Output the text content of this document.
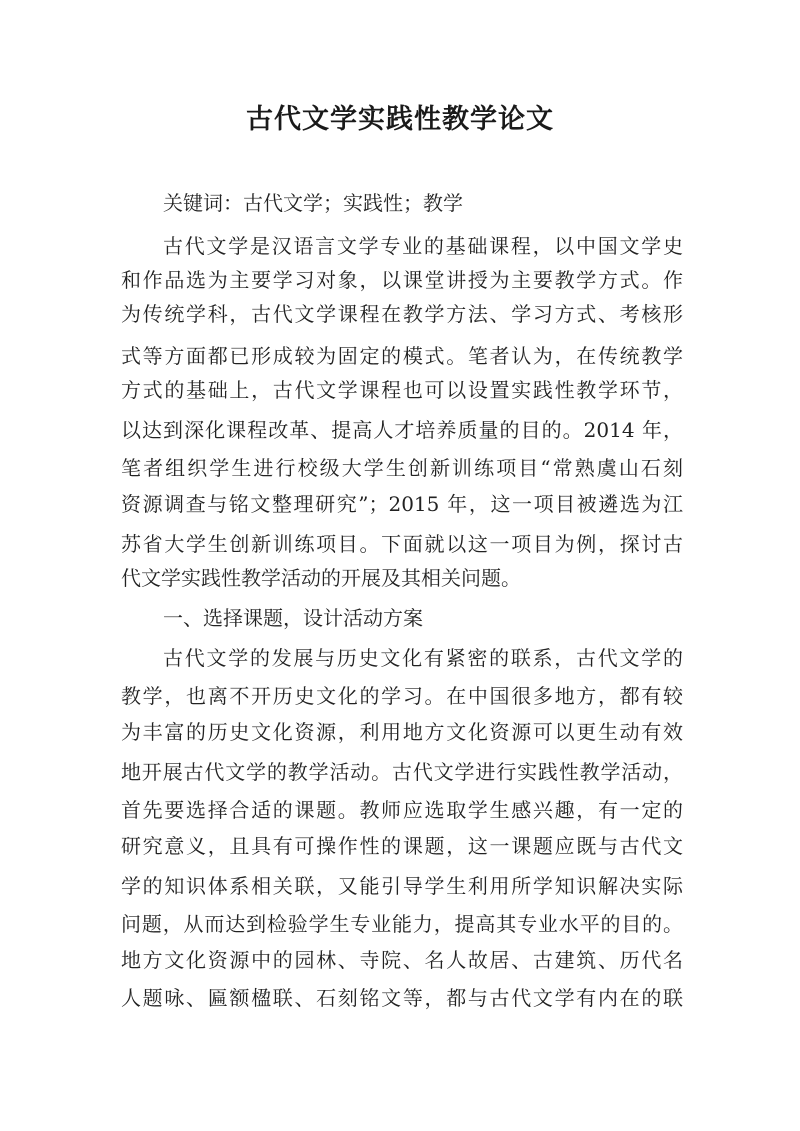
古代文学实践性教学论文
关键词：古代文学；实践性；教学
古代文学是汉语言文学专业的基础课程，以中国文学史
和作品选为主要学习对象，以课堂讲授为主要教学方式。作
为传统学科，古代文学课程在教学方法、学习方式、考核形
式等方面都已形成较为固定的模式。笔者认为，在传统教学
方式的基础上，古代文学课程也可以设置实践性教学环节，
以达到深化课程改革、提高人才培养质量的目的。2014 年，
笔者组织学生进行校级大学生创新训练项目“常熟虞山石刻
资源调查与铭文整理研究”；2015 年，这一项目被遴选为江
苏省大学生创新训练项目。下面就以这一项目为例，探讨古
代文学实践性教学活动的开展及其相关问题。
一、选择课题，设计活动方案
古代文学的发展与历史文化有紧密的联系，古代文学的
教学，也离不开历史文化的学习。在中国很多地方，都有较
为丰富的历史文化资源，利用地方文化资源可以更生动有效
地开展古代文学的教学活动。古代文学进行实践性教学活动，
首先要选择合适的课题。教师应选取学生感兴趣，有一定的
研究意义，且具有可操作性的课题，这一课题应既与古代文
学的知识体系相关联，又能引导学生利用所学知识解决实际
问题，从而达到检验学生专业能力，提高其专业水平的目的。
地方文化资源中的园林、寺院、名人故居、古建筑、历代名
人题咏、匾额楹联、石刻铭文等，都与古代文学有内在的联
